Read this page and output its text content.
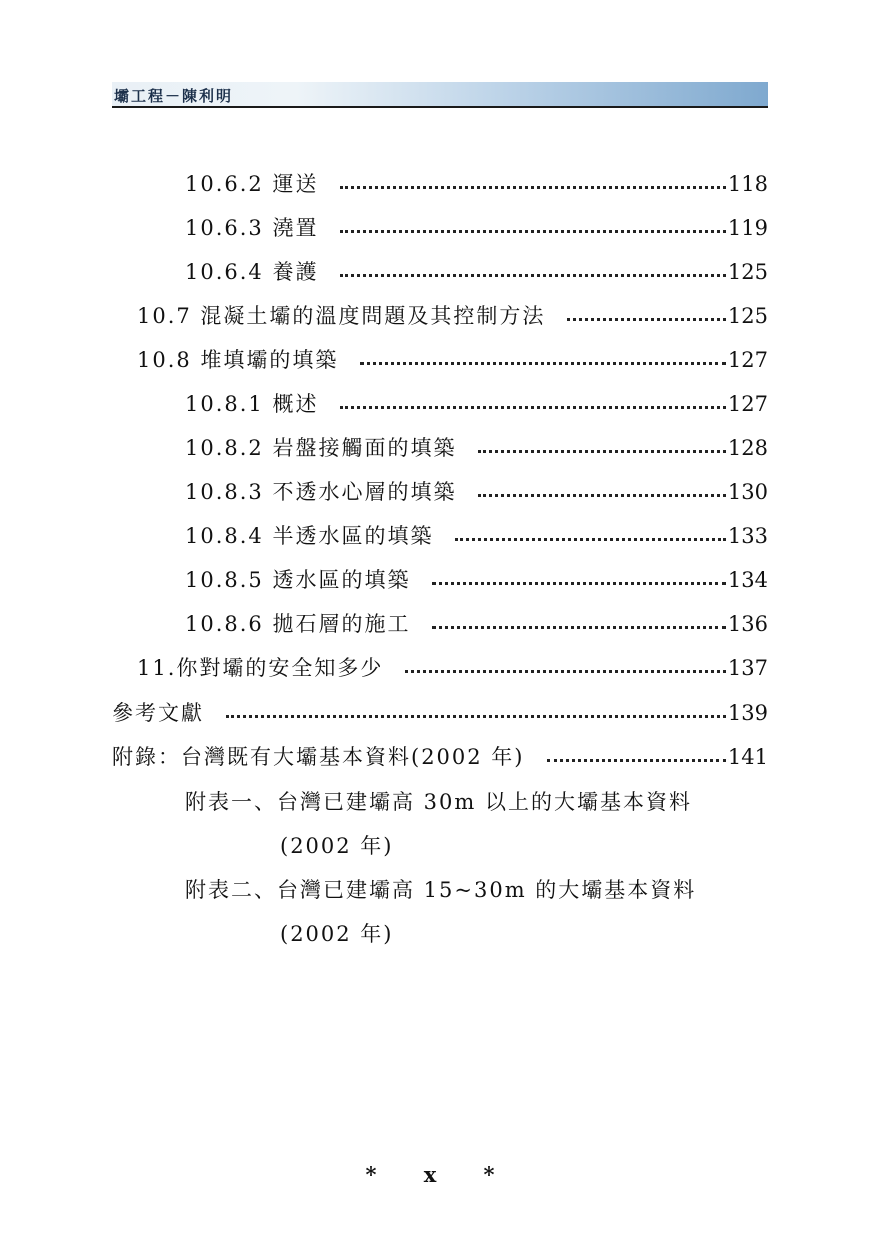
壩工程－陳利明
10.6.2 運送	118
10.6.3 澆置	119
10.6.4 養護	125
10.7 混凝土壩的溫度問題及其控制方法	125
10.8 堆填壩的填築	127
10.8.1 概述	127
10.8.2 岩盤接觸面的填築	128
10.8.3 不透水心層的填築	130
10.8.4 半透水區的填築	133
10.8.5 透水區的填築	134
10.8.6 拋石層的施工	136
11.你對壩的安全知多少	137
參考文獻	139
附錄：台灣既有大壩基本資料(2002 年)	141
附表一、台灣已建壩高 30m 以上的大壩基本資料
(2002 年)
附表二、台灣已建壩高 15~30m 的大壩基本資料
(2002 年)
* x *
